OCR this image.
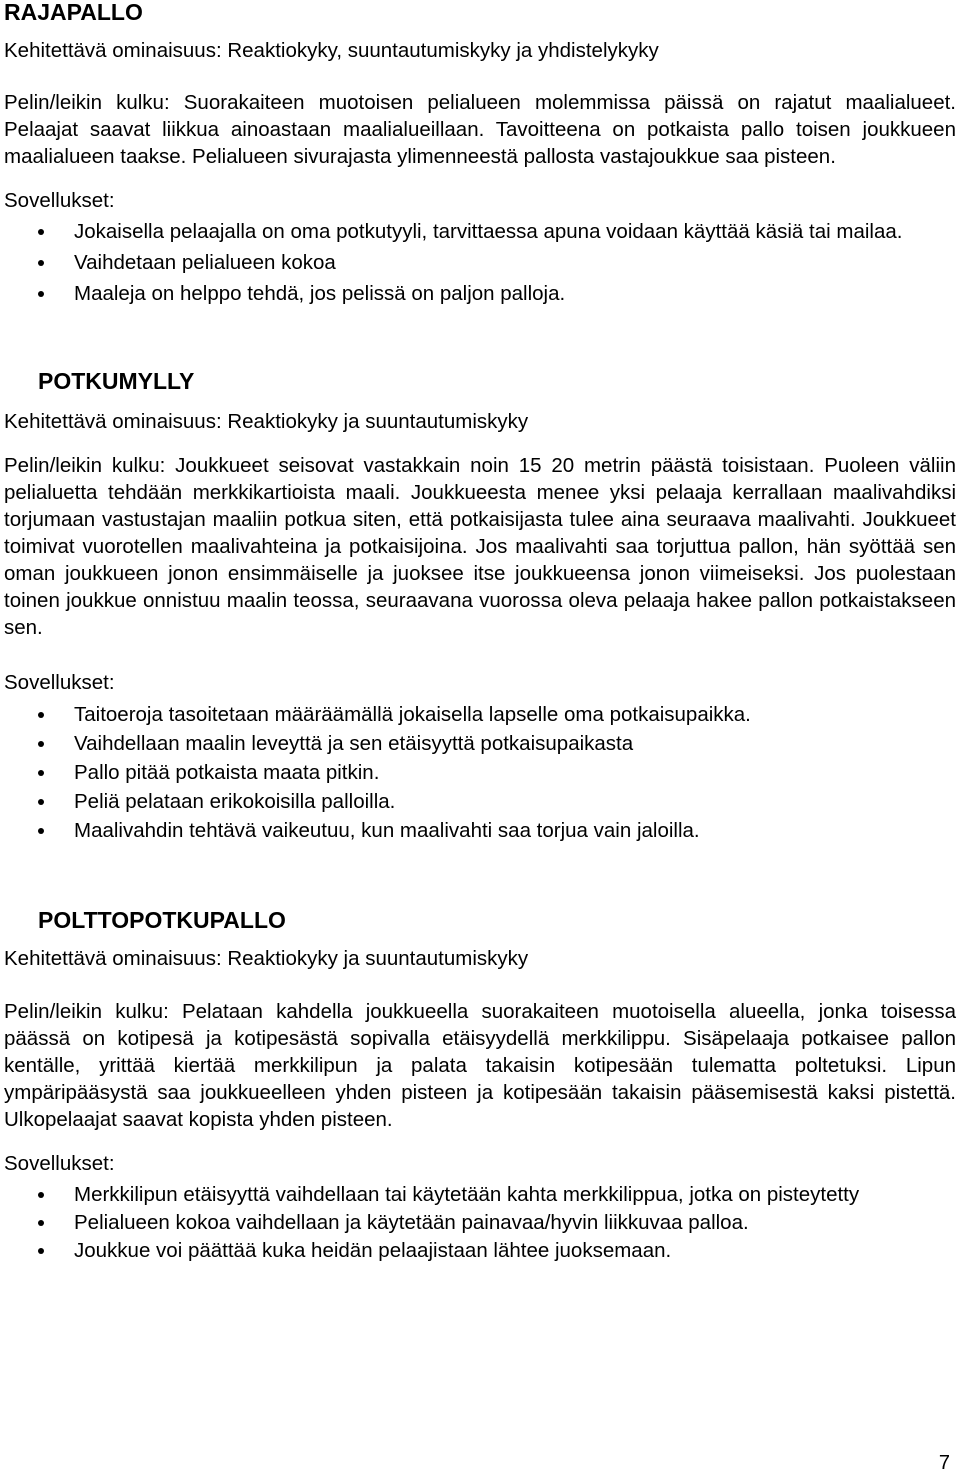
RAJAPALLO

Kehitettävä ominaisuus: Reaktiokyky, suuntautumiskyky ja yhdistelykyky

Pelin/leikin kulku: Suorakaiteen muotoisen pelialueen molemmissa päissä on rajatut maalialueet. Pelaajat saavat liikkua ainoastaan maalialueillaan. Tavoitteena on potkaista pallo toisen joukkueen maalialueen taakse. Pelialueen sivurajasta ylimenneestä pallosta vastajoukkue saa pisteen.

Sovellukset:

Jokaisella pelaajalla on oma potkutyyli, tarvittaessa apuna voidaan käyttää käsiä tai mailaa.
Vaihdetaan pelialueen kokoa
Maaleja on helppo tehdä, jos pelissä on paljon palloja.
POTKUMYLLY

Kehitettävä ominaisuus: Reaktiokyky ja suuntautumiskyky

Pelin/leikin kulku: Joukkueet seisovat vastakkain noin 15 20 metrin päästä toisistaan. Puoleen väliin pelialuetta tehdään merkkikartioista maali. Joukkueesta menee yksi pelaaja kerrallaan maalivahdiksi torjumaan vastustajan maaliin potkua siten, että potkaisijasta tulee aina seuraava maalivahti. Joukkueet toimivat vuorotellen maalivahteina ja potkaisijoina. Jos maalivahti saa torjuttua pallon, hän syöttää sen oman joukkueen jonon ensimmäiselle ja juoksee itse joukkueensa jonon viimeiseksi. Jos puolestaan toinen joukkue onnistuu maalin teossa, seuraavana vuorossa oleva pelaaja hakee pallon potkaistakseen sen.

Sovellukset:

Taitoeroja tasoitetaan määräämällä jokaisella lapselle oma potkaisupaikka.
Vaihdellaan maalin leveyttä ja sen etäisyyttä potkaisupaikasta
Pallo pitää potkaista maata pitkin.
Peliä pelataan erikokoisilla palloilla.
Maalivahdin tehtävä vaikeutuu, kun maalivahti saa torjua vain jaloilla.
POLTTOPOTKUPALLO

Kehitettävä ominaisuus: Reaktiokyky ja suuntautumiskyky

Pelin/leikin kulku: Pelataan kahdella joukkueella suorakaiteen muotoisella alueella, jonka toisessa päässä on kotipesä ja kotipesästä sopivalla etäisyydellä merkkilippu. Sisäpelaaja potkaisee pallon kentälle, yrittää kiertää merkkilipun ja palata takaisin kotipesään tulematta poltetuksi. Lipun ympäripääsystä saa joukkueelleen yhden pisteen ja kotipesään takaisin pääsemisestä kaksi pistettä. Ulkopelaajat saavat kopista yhden pisteen.

Sovellukset:

Merkkilipun etäisyyttä vaihdellaan tai käytetään kahta merkkilippua, jotka on pisteytetty
Pelialueen kokoa vaihdellaan ja käytetään painavaa/hyvin liikkuvaa palloa.
Joukkue voi päättää kuka heidän pelaajistaan lähtee juoksemaan.
7
